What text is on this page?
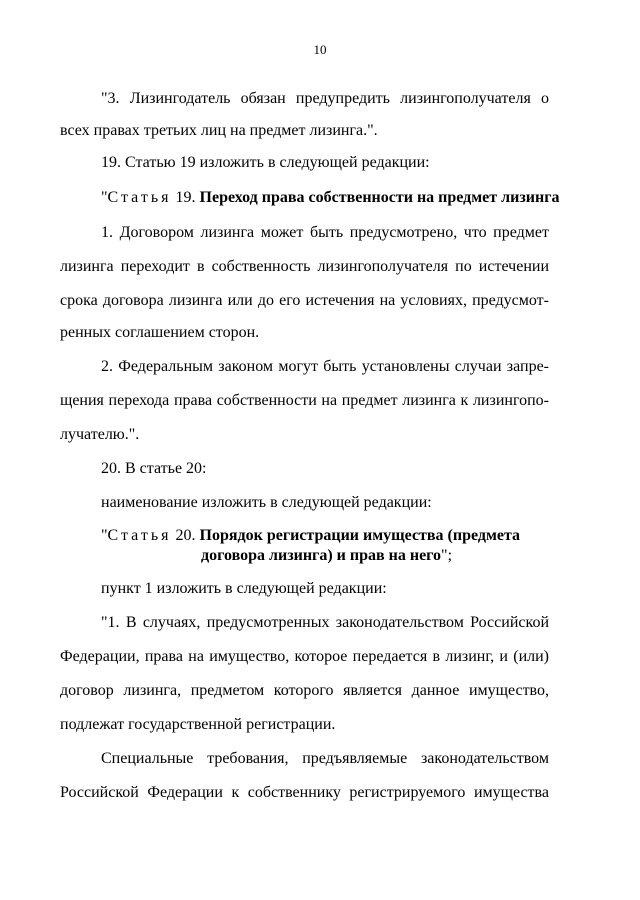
10
"3. Лизингодатель обязан предупредить лизингополучателя о
всех правах третьих лиц на предмет лизинга.".
19. Статью 19 изложить в следующей редакции:
"Статья 19. Переход права собственности на предмет лизинга
1. Договором лизинга может быть предусмотрено, что предмет
лизинга переходит в собственность лизингополучателя по истечении
срока договора лизинга или до его истечения на условиях, предусмот-
ренных соглашением сторон.
2. Федеральным законом могут быть установлены случаи запре-
щения перехода права собственности на предмет лизинга к лизингопо-
лучателю.".
20. В статье 20:
наименование изложить в следующей редакции:
"Статья 20. Порядок регистрации имущества (предмета
договора лизинга) и прав на него";
пункт 1 изложить в следующей редакции:
"1. В случаях, предусмотренных законодательством Российской
Федерации, права на имущество, которое передается в лизинг, и (или)
договор лизинга, предметом которого является данное имущество,
подлежат государственной регистрации.
Специальные требования, предъявляемые законодательством
Российской Федерации к собственнику регистрируемого имущества
